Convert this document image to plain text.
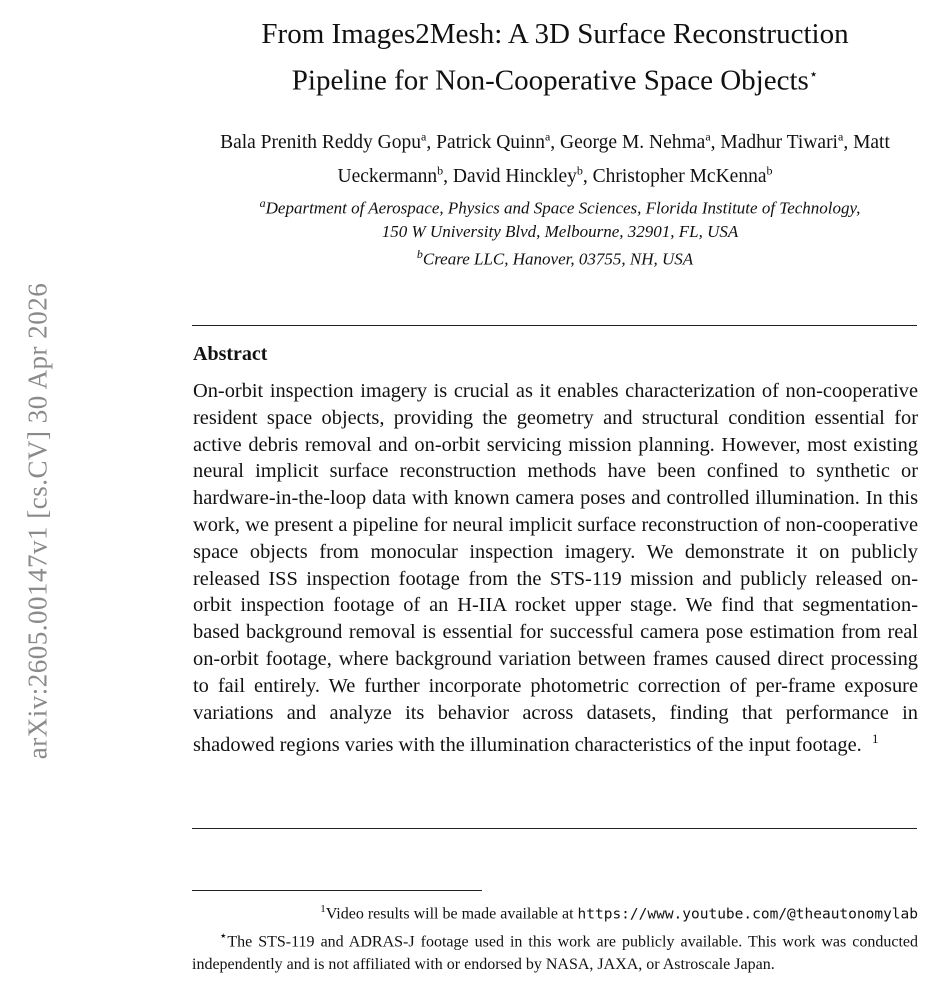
arXiv:2605.00147v1 [cs.CV] 30 Apr 2026
From Images2Mesh: A 3D Surface Reconstruction
Pipeline for Non-Cooperative Space Objects⋆
Bala Prenith Reddy Gopu$^a$, Patrick Quinn$^a$, George M. Nehma$^a$, Madhur Tiwari$^a$, Matt Ueckermann$^b$, David Hinckley$^b$, Christopher McKenna$^b$
$^a$Department of Aerospace, Physics and Space Sciences, Florida Institute of Technology, 150 W University Blvd, Melbourne, 32901, FL, USA
$^b$Creare LLC, Hanover, 03755, NH, USA
Abstract
On-orbit inspection imagery is crucial as it enables characterization of non-cooperative resident space objects, providing the geometry and structural condition essential for active debris removal and on-orbit servicing mission planning. However, most existing neural implicit surface reconstruction methods have been confined to synthetic or hardware-in-the-loop data with known camera poses and controlled illumination. In this work, we present a pipeline for neural implicit surface reconstruction of non-cooperative space objects from monocular inspection imagery. We demonstrate it on publicly released ISS inspection footage from the STS-119 mission and publicly released on-orbit inspection footage of an H-IIA rocket upper stage. We find that segmentation-based background removal is essential for successful camera pose estimation from real on-orbit footage, where background variation between frames caused direct processing to fail entirely. We further incorporate photometric correction of per-frame exposure variations and analyze its behavior across datasets, finding that performance in shadowed regions varies with the illumination characteristics of the input footage. $^1$
$^1$Video results will be made available at https://www.youtube.com/@theautonomylab
⋆The STS-119 and ADRAS-J footage used in this work are publicly available. This work was conducted independently and is not affiliated with or endorsed by NASA, JAXA, or Astroscale Japan.
